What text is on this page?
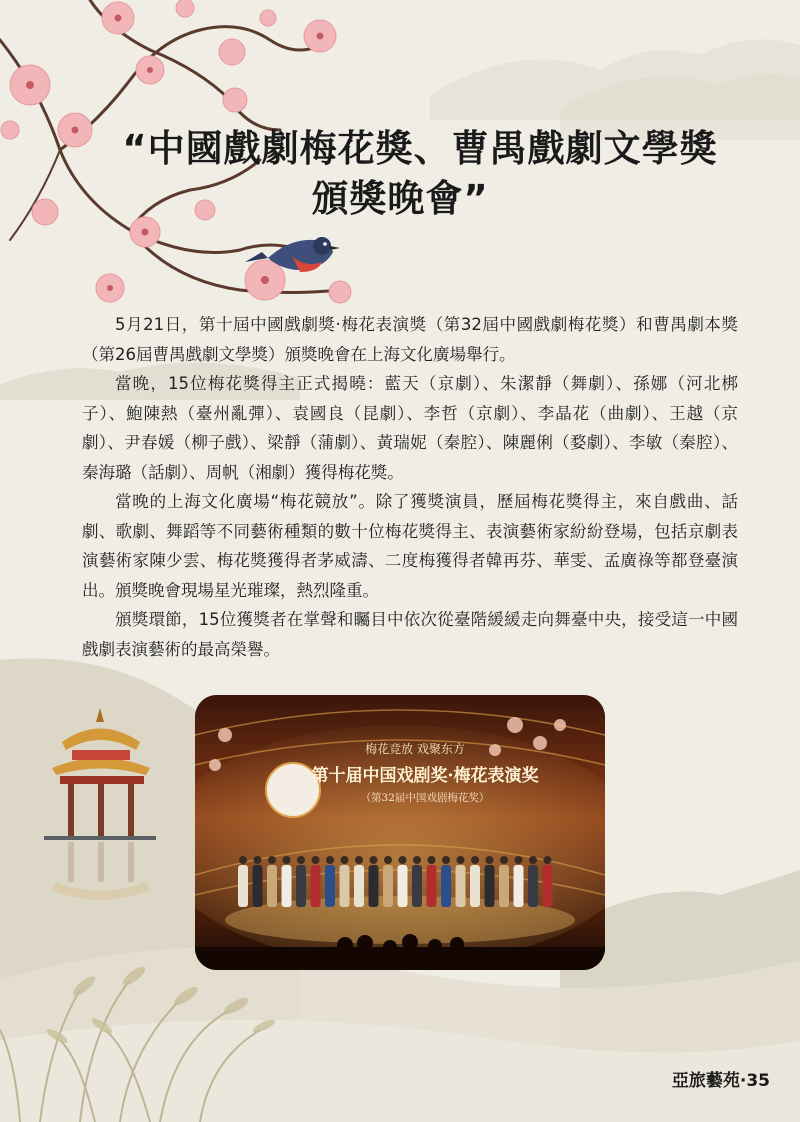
“中國戲劇梅花獎、曹禺戲劇文學獎
頒獎晚會”

5月21日，第十屆中國戲劇獎·梅花表演獎（第32屆中國戲劇梅花獎）和曹禺劇本獎（第26屆曹禺戲劇文學獎）頒獎晚會在上海文化廣場舉行。

當晚，15位梅花獎得主正式揭曉：藍天（京劇）、朱潔靜（舞劇）、孫娜（河北梆子）、鮑陳熱（臺州亂彈）、袁國良（昆劇）、李哲（京劇）、李晶花（曲劇）、王越（京劇）、尹春媛（柳子戲）、梁靜（蒲劇）、黃瑞妮（秦腔）、陳麗俐（婺劇）、李敏（秦腔）、秦海璐（話劇）、周帆（湘劇）獲得梅花獎。

當晚的上海文化廣場“梅花競放”。除了獲獎演員，歷屆梅花獎得主，來自戲曲、話劇、歌劇、舞蹈等不同藝術種類的數十位梅花獎得主、表演藝術家紛紛登場，包括京劇表演藝術家陳少雲、梅花獎獲得者茅威濤、二度梅獲得者韓再芬、華雯、孟廣祿等都登臺演出。頒獎晚會現場星光璀璨，熱烈隆重。

頒獎環節，15位獲獎者在掌聲和矚目中依次從臺階緩緩走向舞臺中央，接受這一中國戲劇表演藝術的最高榮譽。

梅花竞放 戏聚东方
第十届中国戏剧奖·梅花表演奖
（第32届中国戏剧梅花奖）
亞旅藝苑·35
